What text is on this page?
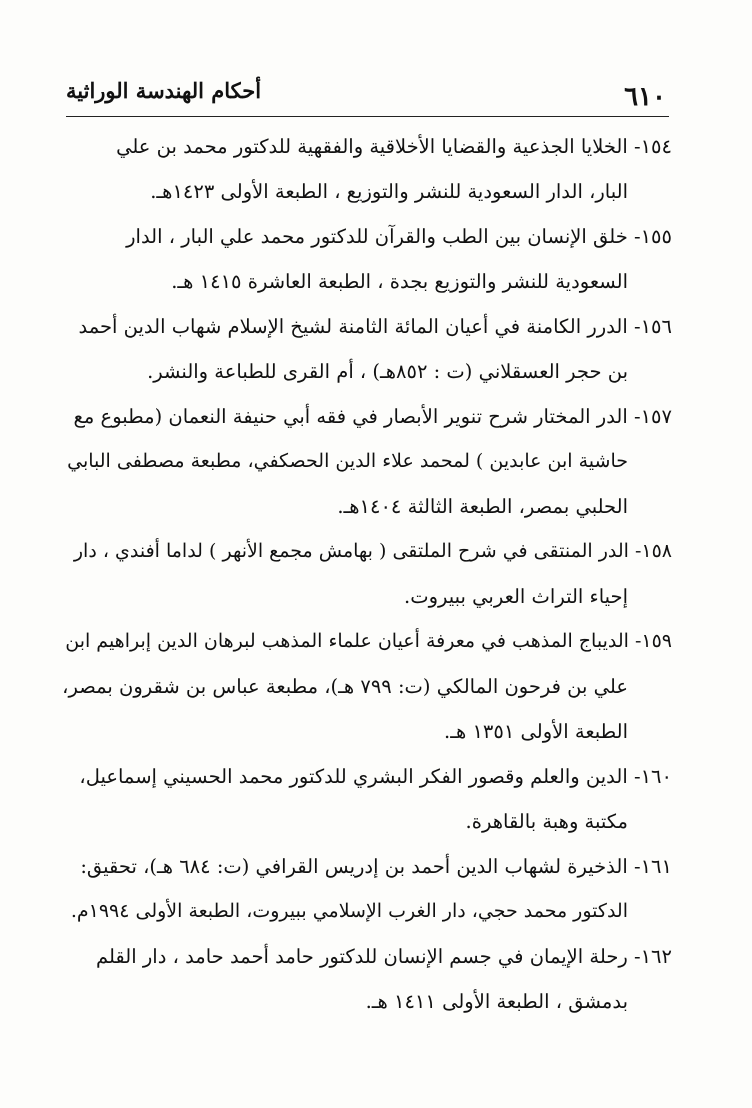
٦١٠
أحكام الهندسة الوراثية
١٥٤- الخلايا الجذعية والقضايا الأخلاقية والفقهية للدكتور محمد بن علي
البار، الدار السعودية للنشر والتوزيع ، الطبعة الأولى ١٤٢٣هـ.
١٥٥- خلق الإنسان بين الطب والقرآن للدكتور محمد علي البار ، الدار
السعودية للنشر والتوزيع بجدة ، الطبعة العاشرة ١٤١٥ هـ.
١٥٦- الدرر الكامنة في أعيان المائة الثامنة لشيخ الإسلام شهاب الدين أحمد
بن حجر العسقلاني (ت : ٨٥٢هـ) ، أم القرى للطباعة والنشر.
١٥٧- الدر المختار شرح تنوير الأبصار في فقه أبي حنيفة النعمان (مطبوع مع
حاشية ابن عابدين ) لمحمد علاء الدين الحصكفي، مطبعة مصطفى البابي
الحلبي بمصر، الطبعة الثالثة ١٤٠٤هـ.
١٥٨- الدر المنتقى في شرح الملتقى ( بهامش مجمع الأنهر ) لداما أفندي ، دار
إحياء التراث العربي ببيروت.
١٥٩- الديباج المذهب في معرفة أعيان علماء المذهب لبرهان الدين إبراهيم ابن
علي بن فرحون المالكي (ت: ٧٩٩ هـ)، مطبعة عباس بن شقرون بمصر،
الطبعة الأولى ١٣٥١ هـ.
١٦٠- الدين والعلم وقصور الفكر البشري للدكتور محمد الحسيني إسماعيل،
مكتبة وهبة بالقاهرة.
١٦١- الذخيرة لشهاب الدين أحمد بن إدريس القرافي (ت: ٦٨٤ هـ)، تحقيق:
الدكتور محمد حجي، دار الغرب الإسلامي ببيروت، الطبعة الأولى ١٩٩٤م.
١٦٢- رحلة الإيمان في جسم الإنسان للدكتور حامد أحمد حامد ، دار القلم
بدمشق ، الطبعة الأولى ١٤١١ هـ.
